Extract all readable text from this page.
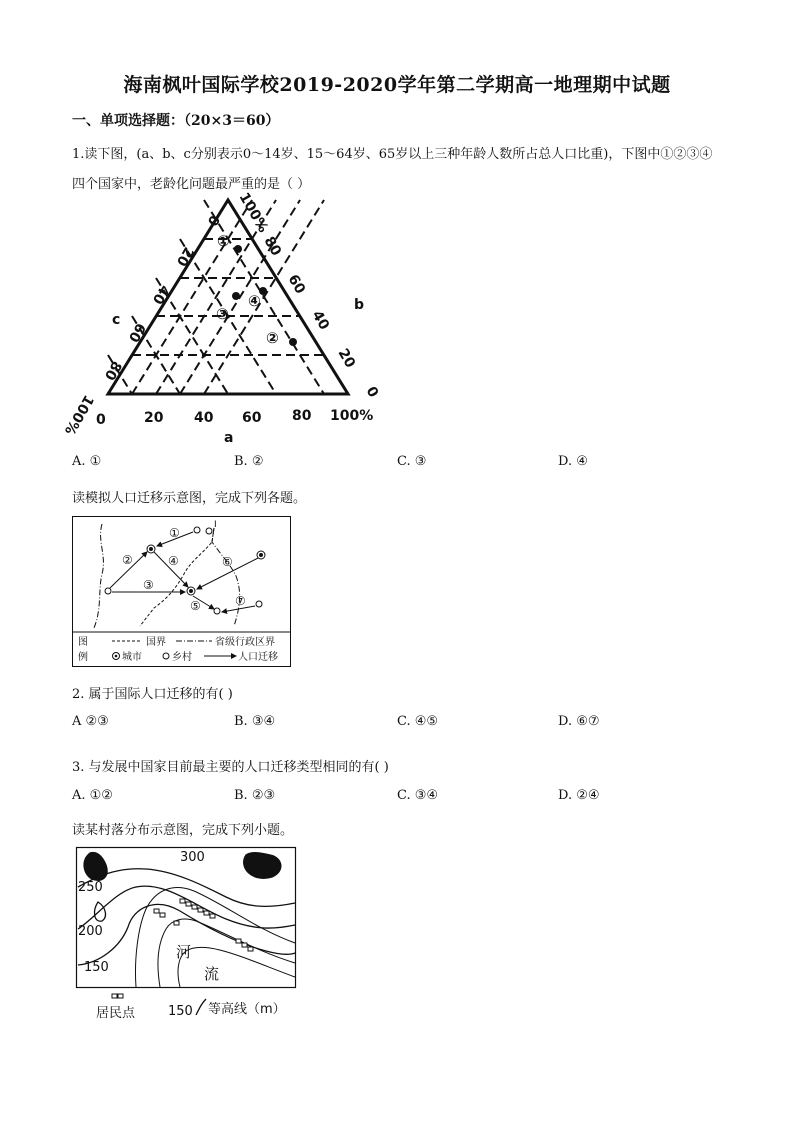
海南枫叶国际学校2019-2020学年第二学期高一地理期中试题
一、单项选择题：（20×3＝60）
1.读下图，(a、b、c分别表示0～14岁、15～64岁、65岁以上三种年龄人数所占总人口比重)，下图中①②③④
四个国家中，老龄化问题最严重的是（ ）
0	20 40 60 80 100%
a
c
b
0
20
40
60
80
100%
100%
80
60
40
20
0
①
④
③
②
A. ①	B. ②	C. ③	D. ④
读模拟人口迁移示意图，完成下列各题。
①
②
③
④
⑤
⑥
⑦
Ⅰ
图
例
国界	省级行政区界
城市	乡村	人口迁移
2. 属于国际人口迁移的有( )
A ②③	B. ③④	C. ④⑤	D. ⑥⑦
3. 与发展中国家目前最主要的人口迁移类型相同的有( )
A. ①②	B. ②③	C. ③④	D. ②④
读某村落分布示意图，完成下列小题。
300
250
200
150
河
流
居民点	150 等高线（m）
